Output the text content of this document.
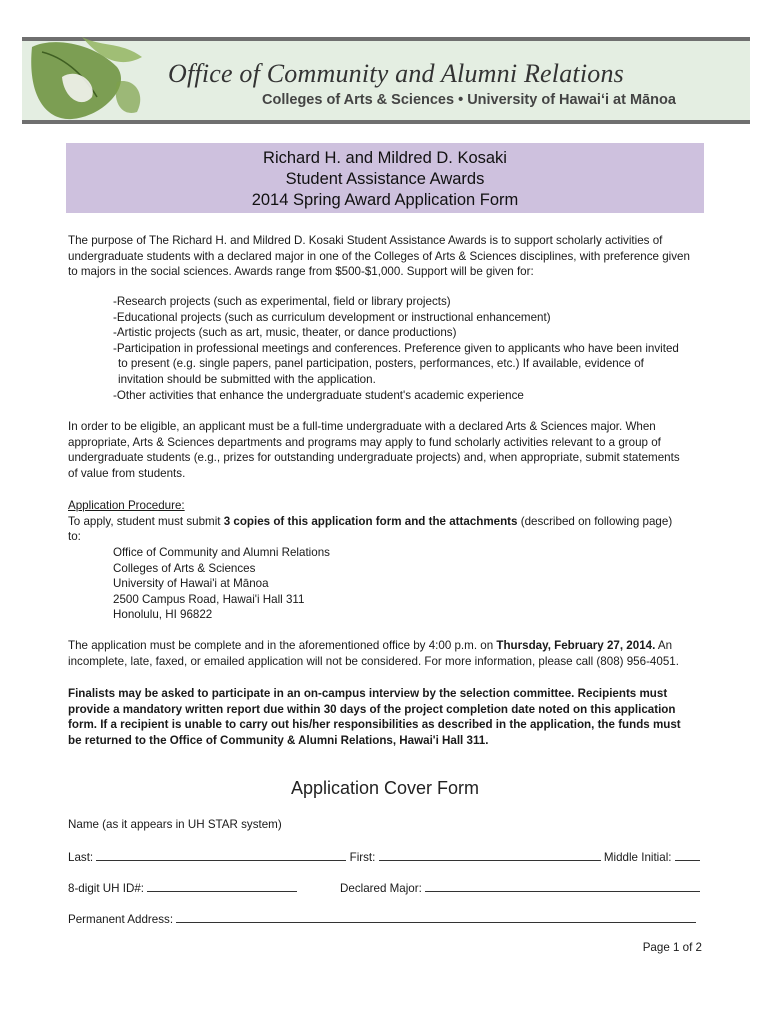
Office of Community and Alumni Relations
Colleges of Arts & Sciences • University of Hawaiʻi at Mānoa
Richard H. and Mildred D. Kosaki
Student Assistance Awards
2014 Spring Award Application Form
The purpose of The Richard H. and Mildred D. Kosaki Student Assistance Awards is to support scholarly activities of
undergraduate students with a declared major in one of the Colleges of Arts & Sciences disciplines, with preference given
to majors in the social sciences. Awards range from $500-$1,000. Support will be given for:
-Research projects (such as experimental, field or library projects)
-Educational projects (such as curriculum development or instructional enhancement)
-Artistic projects (such as art, music, theater, or dance productions)
-Participation in professional meetings and conferences. Preference given to applicants who have been invited
to present (e.g. single papers, panel participation, posters, performances, etc.) If available, evidence of
invitation should be submitted with the application.
-Other activities that enhance the undergraduate student's academic experience
In order to be eligible, an applicant must be a full-time undergraduate with a declared Arts & Sciences major. When
appropriate, Arts & Sciences departments and programs may apply to fund scholarly activities relevant to a group of
undergraduate students (e.g., prizes for outstanding undergraduate projects) and, when appropriate, submit statements
of value from students.
Application Procedure:
To apply, student must submit 3 copies of this application form and the attachments (described on following page)
to:
Office of Community and Alumni Relations
Colleges of Arts & Sciences
University of Hawai'i at Mānoa
2500 Campus Road, Hawai'i Hall 311
Honolulu, HI 96822
The application must be complete and in the aforementioned office by 4:00 p.m. on Thursday, February 27, 2014. An
incomplete, late, faxed, or emailed application will not be considered. For more information, please call (808) 956-4051.
Finalists may be asked to participate in an on-campus interview by the selection committee. Recipients must
provide a mandatory written report due within 30 days of the project completion date noted on this application
form. If a recipient is unable to carry out his/her responsibilities as described in the application, the funds must
be returned to the Office of Community & Alumni Relations, Hawai'i Hall 311.
Application Cover Form
Name (as it appears in UH STAR system)
Last:	First:	Middle Initial:
8-digit UH ID#:	Declared Major:
Permanent Address:
Page 1 of 2
